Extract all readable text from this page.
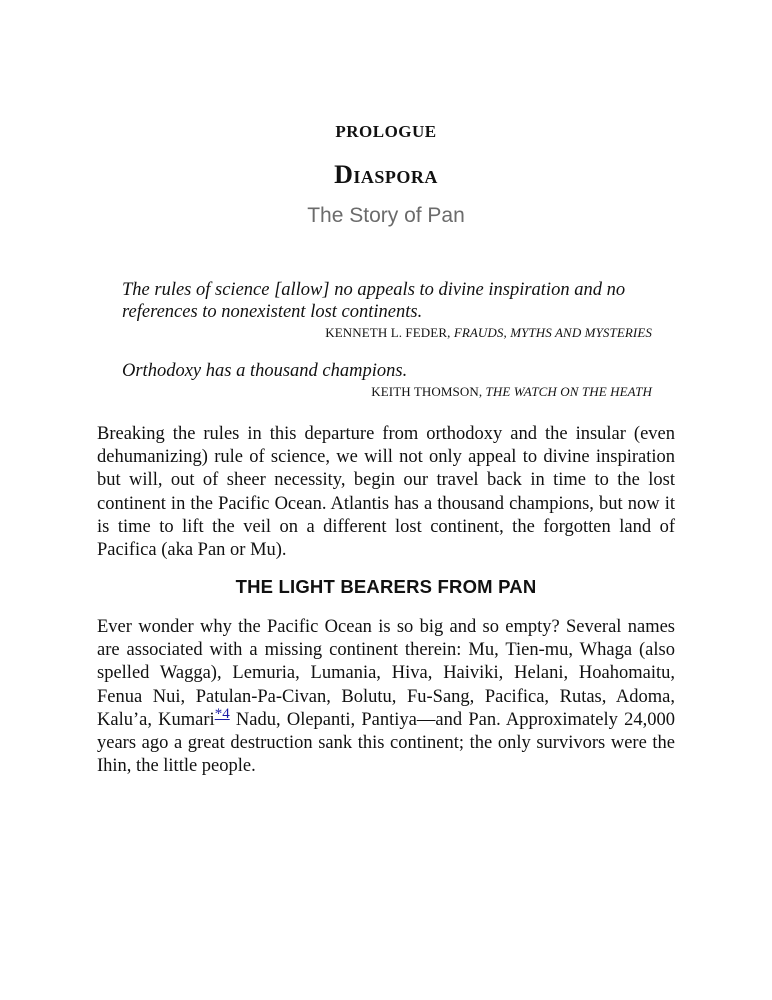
PROLOGUE
Diaspora
The Story of Pan

The rules of science [allow] no appeals to divine inspiration and no references to nonexistent lost continents.

KENNETH L. FEDER, FRAUDS, MYTHS AND MYSTERIES

Orthodoxy has a thousand champions.

KEITH THOMSON, THE WATCH ON THE HEATH

Breaking the rules in this departure from orthodoxy and the insular (even dehumanizing) rule of science, we will not only appeal to divine inspiration but will, out of sheer necessity, begin our travel back in time to the lost continent in the Pacific Ocean. Atlantis has a thousand champions, but now it is time to lift the veil on a different lost continent, the forgotten land of Pacifica (aka Pan or Mu).

THE LIGHT BEARERS FROM PAN

Ever wonder why the Pacific Ocean is so big and so empty? Several names are associated with a missing continent therein: Mu, Tien-mu, Whaga (also spelled Wagga), Lemuria, Lumania, Hiva, Haiviki, Helani, Hoahomaitu, Fenua Nui, Patulan-Pa-Civan, Bolutu, Fu-Sang, Pacifica, Rutas, Adoma, Kalu’a, Kumari$^{*4}$ Nadu, Olepanti, Pantiya—and Pan. Approximately 24,000 years ago a great destruction sank this continent; the only survivors were the Ihin, the little people.
